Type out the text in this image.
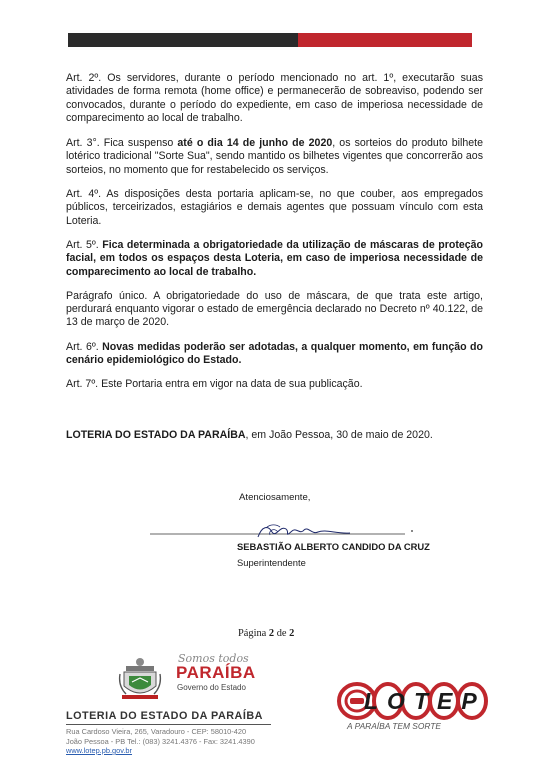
Art. 2º. Os servidores, durante o período mencionado no art. 1º, executarão suas atividades de forma remota (home office) e permanecerão de sobreaviso, podendo ser convocados, durante o período do expediente, em caso de imperiosa necessidade de comparecimento ao local de trabalho.

Art. 3°. Fica suspenso até o dia 14 de junho de 2020, os sorteios do produto bilhete lotérico tradicional "Sorte Sua", sendo mantido os bilhetes vigentes que concorrerão aos sorteios, no momento que for restabelecido os serviços.

Art. 4º. As disposições desta portaria aplicam-se, no que couber, aos empregados públicos, terceirizados, estagiários e demais agentes que possuam vínculo com esta Loteria.

Art. 5º. Fica determinada a obrigatoriedade da utilização de máscaras de proteção facial, em todos os espaços desta Loteria, em caso de imperiosa necessidade de comparecimento ao local de trabalho.

Parágrafo único. A obrigatoriedade do uso de máscara, de que trata este artigo, perdurará enquanto vigorar o estado de emergência declarado no Decreto nº 40.122, de 13 de março de 2020.

Art. 6º. Novas medidas poderão ser adotadas, a qualquer momento, em função do cenário epidemiológico do Estado.

Art. 7º. Este Portaria entra em vigor na data de sua publicação.

LOTERIA DO ESTADO DA PARAÍBA, em João Pessoa, 30 de maio de 2020.
Atenciosamente,
SEBASTIÃO ALBERTO CANDIDO DA CRUZ
Superintendente
Página 2 de 2
Somos todos
PARAÍBA
Governo do Estado
LOTERIA DO ESTADO DA PARAÍBA
Rua Cardoso Vieira, 265, Varadouro - CEP: 58010-420
João Pessoa - PB Tel.: (083) 3241.4376 - Fax: 3241.4390
www.lotep.pb.gov.br
LOTEP
A PARAÍBA TEM SORTE
